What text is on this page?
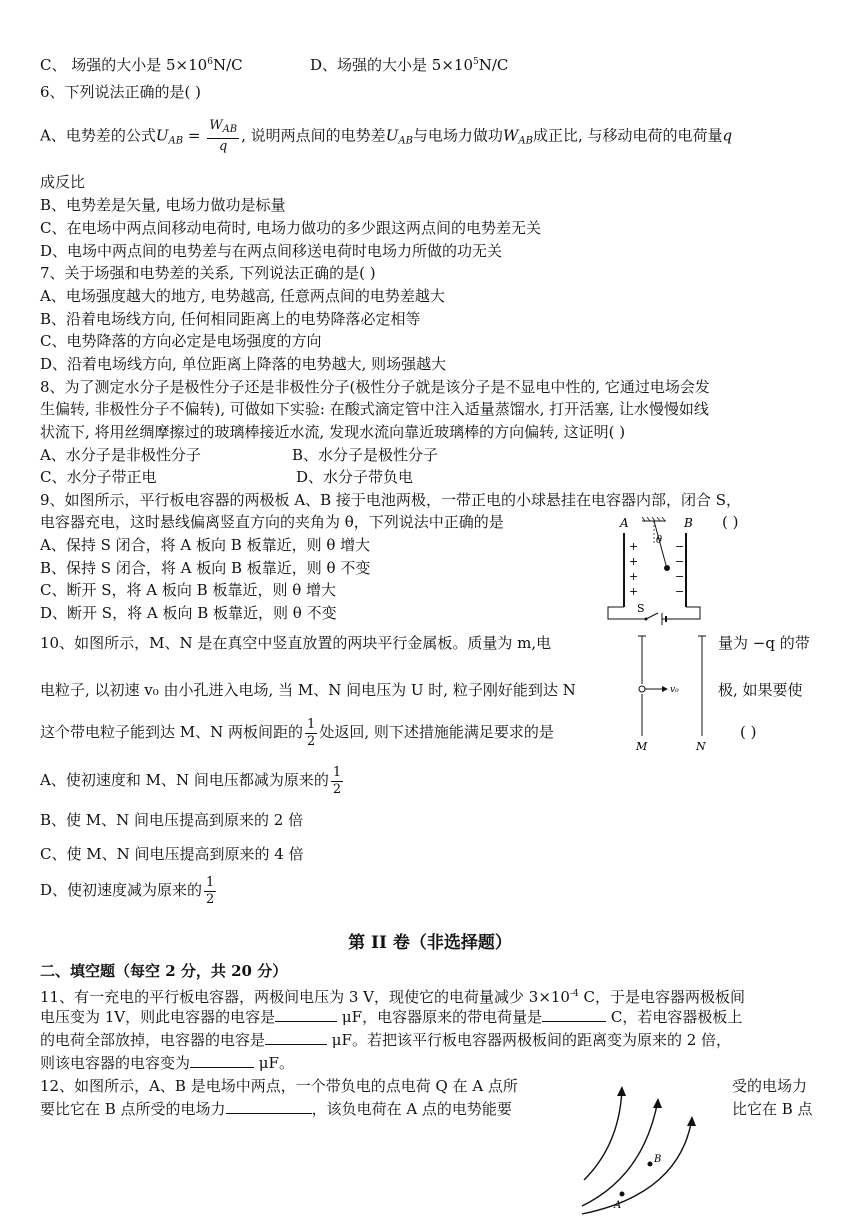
C、 场强的大小是 $5\times 10^6N/C$	D、场强的大小是 $5\times 10^5N/C$
6、下列说法正确的是( )
A、电势差的公式$U_{AB} = \frac{W_{AB}}{q}$ , 说明两点间的电势差$U_{AB}$与电场力做功$W_{AB}$成正比, 与移动电荷的电荷量q
成反比
B、电势差是矢量, 电场力做功是标量
C、在电场中两点间移动电荷时, 电场力做功的多少跟这两点间的电势差无关
D、电场中两点间的电势差与在两点间移送电荷时电场力所做的功无关
7、关于场强和电势差的关系, 下列说法正确的是( )
A、电场强度越大的地方, 电势越高, 任意两点间的电势差越大
B、沿着电场线方向, 任何相同距离上的电势降落必定相等
C、电势降落的方向必定是电场强度的方向
D、沿着电场线方向, 单位距离上降落的电势越大, 则场强越大
8、为了测定水分子是极性分子还是非极性分子(极性分子就是该分子是不显电中性的, 它通过电场会发
生偏转, 非极性分子不偏转), 可做如下实验: 在酸式滴定管中注入适量蒸馏水, 打开活塞, 让水慢慢如线
状流下, 将用丝绸摩擦过的玻璃棒接近水流, 发现水流向靠近玻璃棒的方向偏转, 这证明( )
A、水分子是非极性分子	B、水分子是极性分子
C、水分子带正电	D、水分子带负电
9、如图所示，平行板电容器的两极板 A、B 接于电池两极，一带正电的小球悬挂在电容器内部，闭合 S，
电容器充电，这时悬线偏离竖直方向的夹角为 θ，下列说法中正确的是	( )
A、保持 S 闭合，将 A 板向 B 板靠近，则 θ 增大
B、保持 S 闭合，将 A 板向 B 板靠近，则 θ 不变
C、断开 S，将 A 板向 B 板靠近，则 θ 增大
D、断开 S，将 A 板向 B 板靠近，则 θ 不变
A	B
+
+
+
+
−
−
−
−
θ
S
10、如图所示，M、N 是在真空中竖直放置的两块平行金属板。质量为 m,电	量为 −q 的带
电粒子, 以初速 v₀ 由小孔进入电场, 当 M、N 间电压为 U 时, 粒子刚好能到达 N	极, 如果要使
这个带电粒子能到达 M、N 两板间距的 $\frac{1}{2}$ 处返回, 则下述措施能满足要求的是	( )
v₀
M	N
A、使初速度和 M、N 间电压都减为原来的 $\frac{1}{2}$
B、使 M、N 间电压提高到原来的 2 倍
C、使 M、N 间电压提高到原来的 4 倍
D、使初速度减为原来的 $\frac{1}{2}$
第 II 卷（非选择题）
二、填空题（每空 2 分，共 20 分）
11、有一充电的平行板电容器，两极间电压为 3 V，现使它的电荷量减少 $3\times 10^{-4}$ C，于是电容器两极板间
电压变为 1V，则此电容器的电容是	μF，电容器原来的带电荷量是	C，若电容器极板上
的电荷全部放掉，电容器的电容是	μF。若把该平行板电容器两极板间的距离变为原来的 2 倍，
则该电容器的电容变为	μF。
12、如图所示，A、B 是电场中两点，一个带负电的点电荷 Q 在 A 点所	受的电场力
要比它在 B 点所受的电场力	，该负电荷在 A 点的电势能要	比它在 B 点
B
A
